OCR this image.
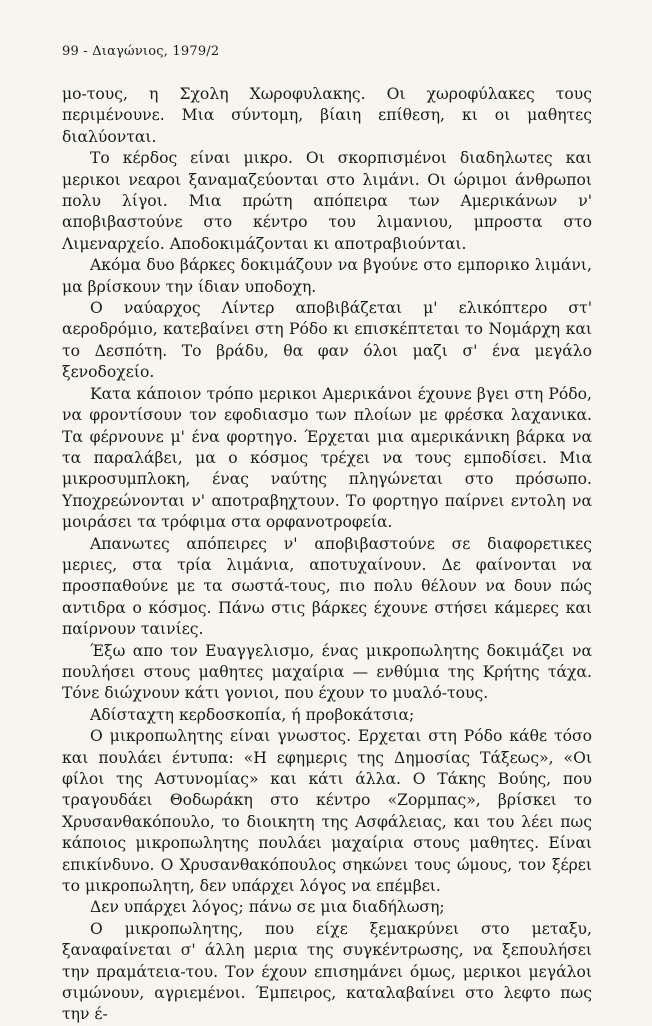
99 - Διαγώνιος, 1979/2

μο-τους, η Σχολη Χωροφυλακης. Οι χωροφύλακες τους περιμένουνε. Μια σύντομη, βίαιη επίθεση, κι οι μαθητες διαλύονται.

Το κέρδος είναι μικρο. Οι σκορπισμένοι διαδηλωτες και μερικοι νεαροι ξαναμαζεύονται στο λιμάνι. Οι ώριμοι άνθρωποι πολυ λίγοι. Μια πρώτη απόπειρα των Αμερικάνων ν' αποβιβαστούνε στο κέντρο του λιμανιου, μπροστα στο Λιμεναρχείο. Αποδοκιμάζονται κι αποτραβιούνται.

Ακόμα δυο βάρκες δοκιμάζουν να βγούνε στο εμπορικο λιμάνι, μα βρίσκουν την ίδιαν υποδοχη.

Ο ναύαρχος Λίντερ αποβιβάζεται μ' ελικόπτερο στ' αεροδρόμιο, κατεβαίνει στη Ρόδο κι επισκέπτεται το Νομάρχη και το Δεσπότη. Το βράδυ, θα φαν όλοι μαζι σ' ένα μεγάλο ξενοδοχείο.

Κατα κάποιον τρόπο μερικοι Αμερικάνοι έχουνε βγει στη Ρόδο, να φροντίσουν τον εφοδιασμο των πλοίων με φρέσκα λαχανικα. Τα φέρνουνε μ' ένα φορτηγο. Έρχεται μια αμερικάνικη βάρκα να τα παραλάβει, μα ο κόσμος τρέχει να τους εμποδίσει. Μια μικροσυμπλοκη, ένας ναύτης πληγώνεται στο πρόσωπο. Υποχρεώνονται ν' αποτραβηχτουν. Το φορτηγο παίρνει εντολη να μοιράσει τα τρόφιμα στα ορφανοτροφεία.

Απανωτες απόπειρες ν' αποβιβαστούνε σε διαφορετικες μεριες, στα τρία λιμάνια, αποτυχαίνουν. Δε φαίνονται να προσπαθούνε με τα σωστά-τους, πιο πολυ θέλουν να δουν πώς αντιδρα ο κόσμος. Πάνω στις βάρκες έχουνε στήσει κάμερες και παίρνουν ταινίες.

Έξω απο τον Ευαγγελισμο, ένας μικροπωλητης δοκιμάζει να πουλήσει στους μαθητες μαχαίρια — ενθύμια της Κρήτης τάχα. Τόνε διώχνουν κάτι γονιοι, που έχουν το μυαλό-τους.

Αδίσταχτη κερδοσκοπία, ή προβοκάτσια;

Ο μικροπωλητης είναι γνωστος. Ερχεται στη Ρόδο κάθε τόσο και πουλάει έντυπα: «Η εφημερις της Δημοσίας Τάξεως», «Οι φίλοι της Αστυνομίας» και κάτι άλλα. Ο Τάκης Βούης, που τραγουδάει Θοδωράκη στο κέντρο «Ζορμπας», βρίσκει το Χρυσανθακόπουλο, το διοικητη της Ασφάλειας, και του λέει πως κάποιος μικροπωλητης πουλάει μαχαίρια στους μαθητες. Είναι επικίνδυνο. Ο Χρυσανθακόπουλος σηκώνει τους ώμους, τον ξέρει το μικροπωλητη, δεν υπάρχει λόγος να επέμβει.

Δεν υπάρχει λόγος; πάνω σε μια διαδήλωση;

Ο μικροπωλητης, που είχε ξεμακρύνει στο μεταξυ, ξαναφαίνεται σ' άλλη μερια της συγκέντρωσης, να ξεπουλήσει την πραμάτεια-του. Τον έχουν επισημάνει όμως, μερικοι μεγάλοι σιμώνουν, αγριεμένοι. Έμπειρος, καταλαβαίνει στο λεφτο πως την έ-
